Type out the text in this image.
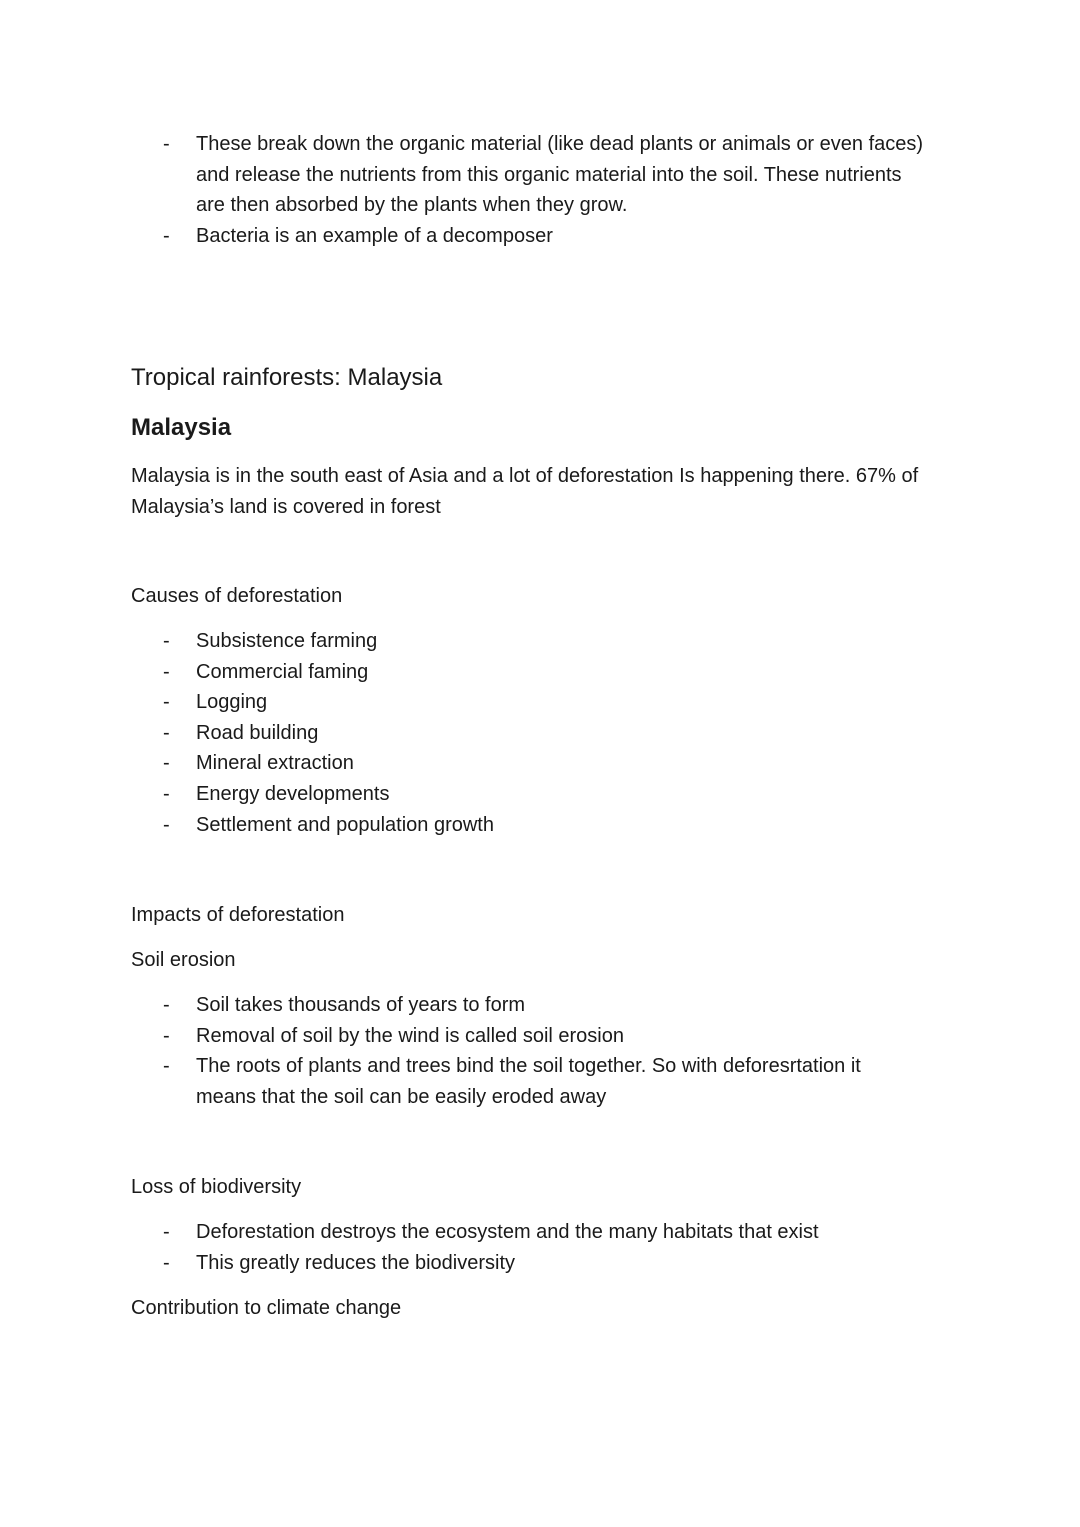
- These break down the organic material (like dead plants or animals or even faces) and release the nutrients from this organic material into the soil. These nutrients are then absorbed by the plants when they grow.
- Bacteria is an example of a decomposer
Tropical rainforests: Malaysia
Malaysia

Malaysia is in the south east of Asia and a lot of deforestation Is happening there. 67% of Malaysia’s land is covered in forest

Causes of deforestation

- Subsistence farming
- Commercial faming
- Logging
- Road building
- Mineral extraction
- Energy developments
- Settlement and population growth

Impacts of deforestation

Soil erosion

- Soil takes thousands of years to form
- Removal of soil by the wind is called soil erosion
- The roots of plants and trees bind the soil together. So with deforesrtation it means that the soil can be easily eroded away

Loss of biodiversity

- Deforestation destroys the ecosystem and the many habitats that exist
- This greatly reduces the biodiversity

Contribution to climate change
